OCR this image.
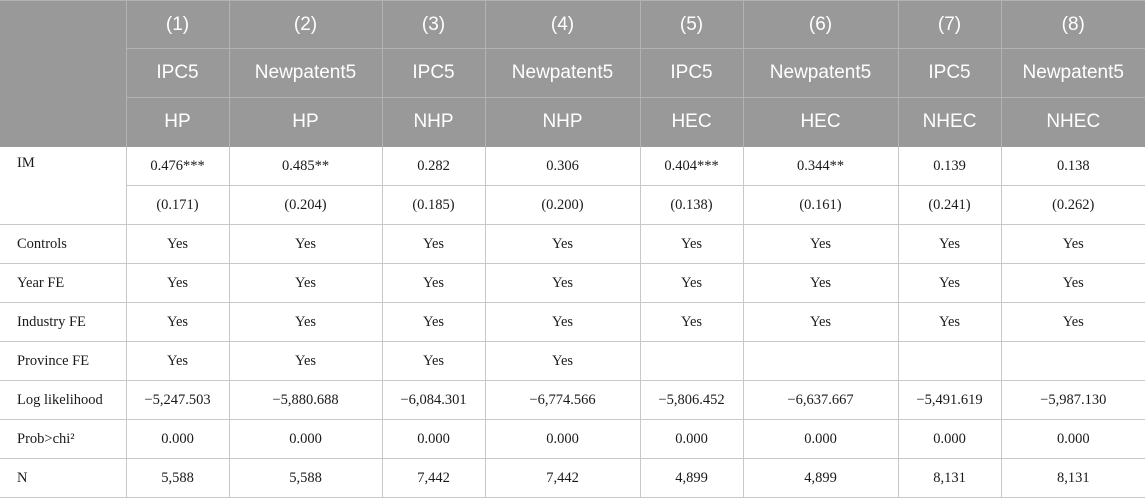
	(1)	(2)	(3)	(4)	(5)	(6)	(7)	(8)
	IPC5	Newpatent5	IPC5	Newpatent5	IPC5	Newpatent5	IPC5	Newpatent5
	HP	HP	NHP	NHP	HEC	HEC	NHEC	NHEC
IM	0.476***	0.485**	0.282	0.306	0.404***	0.344**	0.139	0.138
	(0.171)	(0.204)	(0.185)	(0.200)	(0.138)	(0.161)	(0.241)	(0.262)
Controls	Yes	Yes	Yes	Yes	Yes	Yes	Yes	Yes
Year FE	Yes	Yes	Yes	Yes	Yes	Yes	Yes	Yes
Industry FE	Yes	Yes	Yes	Yes	Yes	Yes	Yes	Yes
Province FE	Yes	Yes	Yes	Yes				
Log likelihood	−5,247.503	−5,880.688	−6,084.301	−6,774.566	−5,806.452	−6,637.667	−5,491.619	−5,987.130
Prob>chi²	0.000	0.000	0.000	0.000	0.000	0.000	0.000	0.000
N	5,588	5,588	7,442	7,442	4,899	4,899	8,131	8,131
